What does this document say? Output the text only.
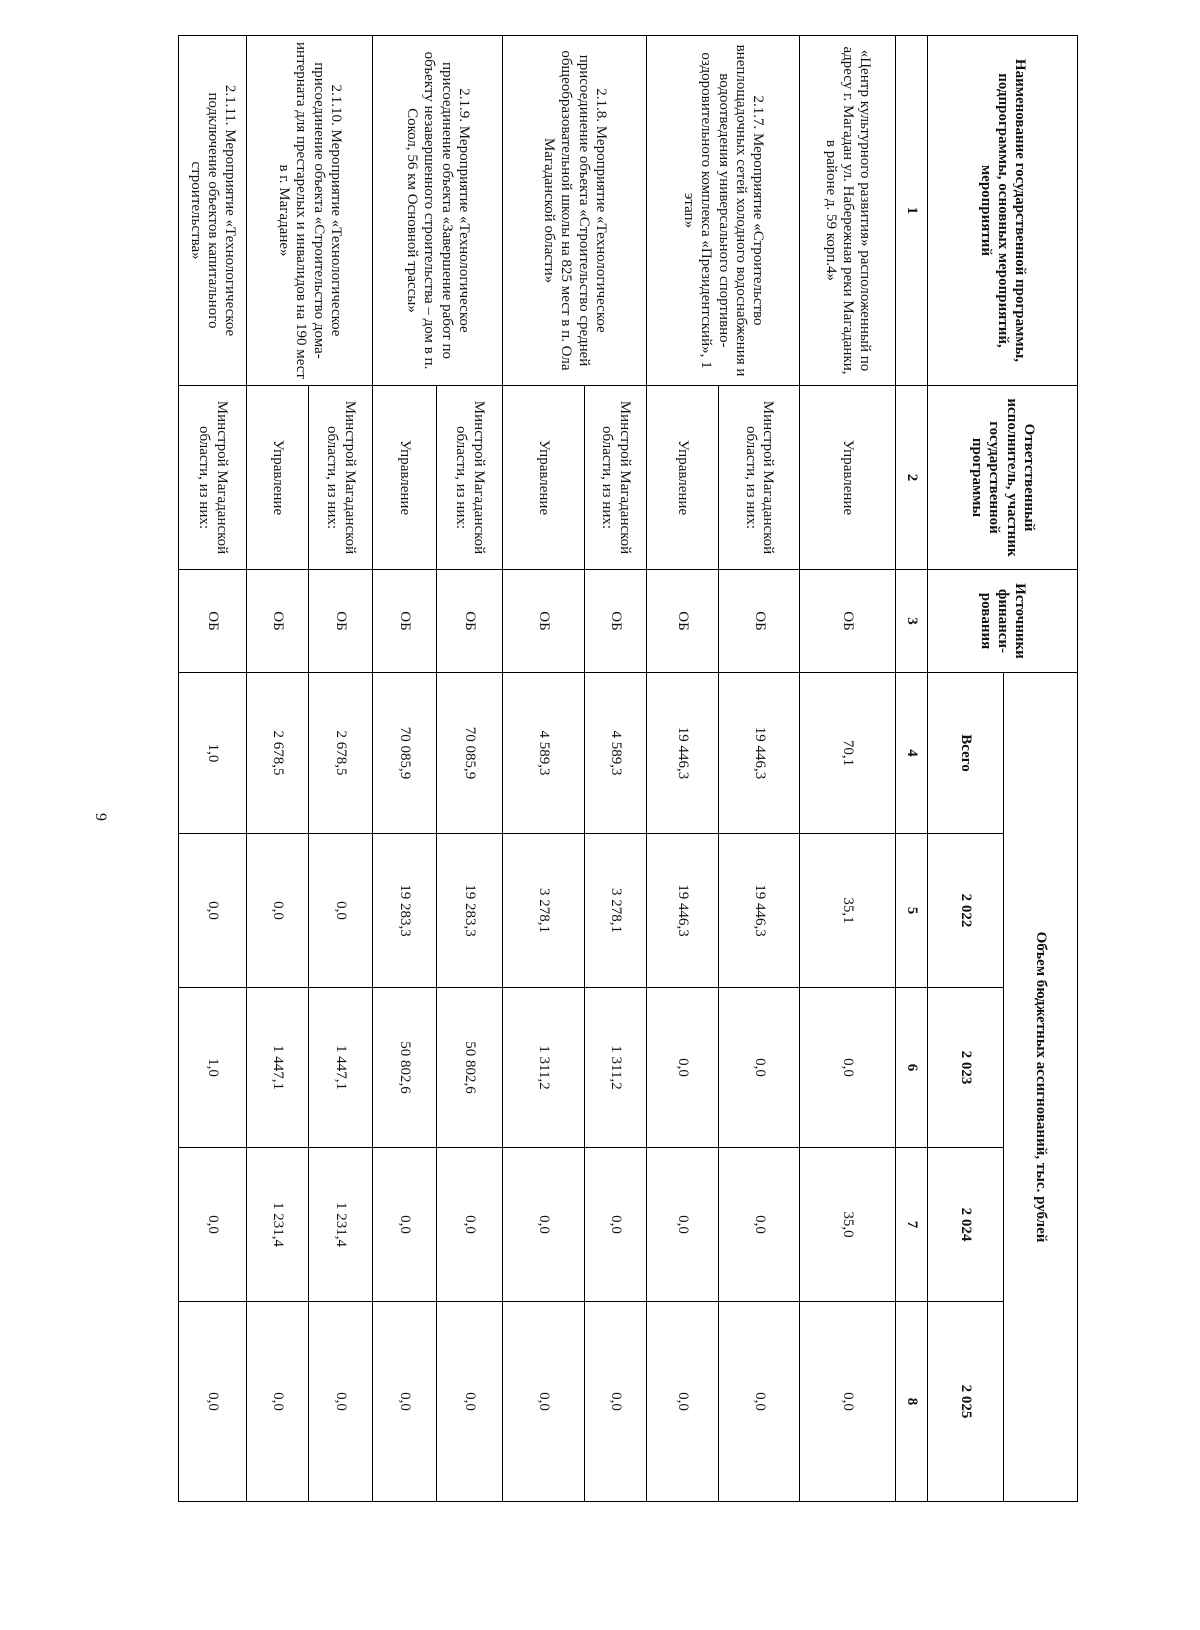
9
Наименование государственной программы, подпрограммы, основных мероприятий, мероприятий	Ответственный исполнитель, участник государственной программы	Источники финанси-рования	Объем бюджетных ассигнований, тыс. рублей				
			Всего	2 022	2 023	2 024	2 025
1	2	3	4	5	6	7	8
«Центр культурного развития» расположенный по адресу г. Магадан ул. Набережная реки Магаданки, в районе д. 59 корп.4»	Управление	ОБ	70,1	35,1	0,0	35,0	0,0
2.1.7. Мероприятие «Строительство внеплощадочных сетей холодного водоснабжения и водоотведения универсального спортивно-оздоровительного комплекса «Президентский», 1 этап»	Минстрой Магаданской области, из них:	ОБ	19 446,3	19 446,3	0,0	0,0	0,0
	Управление	ОБ	19 446,3	19 446,3	0,0	0,0	0,0
2.1.8. Мероприятие «Технологическое присоединение объекта «Строительство средней общеобразовательной школы на 825 мест в п. Ола Магаданской области»	Минстрой Магаданской области, из них:	ОБ	4 589,3	3 278,1	1 311,2	0,0	0,0
	Управление	ОБ	4 589,3	3 278,1	1 311,2	0,0	0,0
2.1.9. Мероприятие «Технологическое присоединение объекта «Завершение работ по объекту незавершенного строительства – дом в п. Сокол, 56 км Основной трассы»	Минстрой Магаданской области, из них:	ОБ	70 085,9	19 283,3	50 802,6	0,0	0,0
	Управление	ОБ	70 085,9	19 283,3	50 802,6	0,0	0,0
2.1.10. Мероприятие «Технологическое присоединение объекта «Строительство дома-интерната для престарелых и инвалидов на 190 мест в г. Магадане»	Минстрой Магаданской области, из них:	ОБ	2 678,5	0,0	1 447,1	1 231,4	0,0
	Управление	ОБ	2 678,5	0,0	1 447,1	1 231,4	0,0
2.1.11. Мероприятие «Технологическое подключение объектов капитального строительства»	Минстрой Магаданской области, из них:	ОБ	1,0	0,0	1,0	0,0	0,0
